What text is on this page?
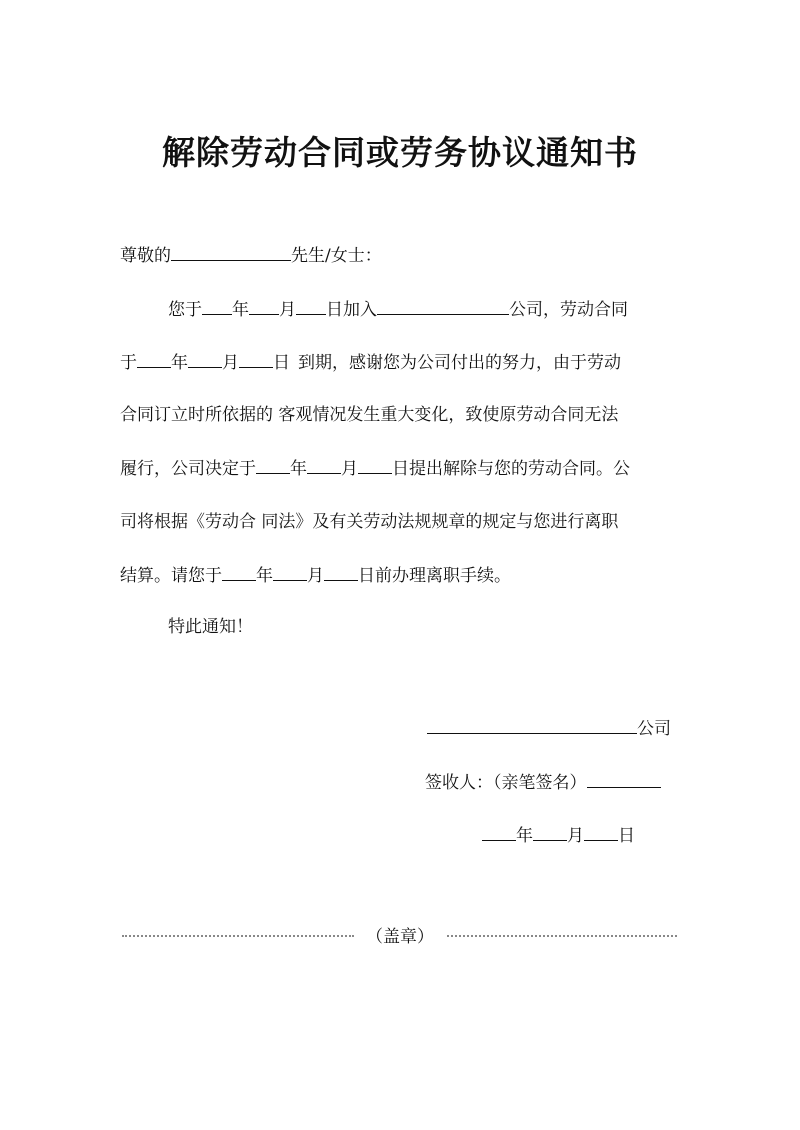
解除劳动合同或劳务协议通知书
尊敬的	先生/女士：
您于 年 月 日加入	公司，劳动合同
于 年 月 日 到期，感谢您为公司付出的努力，由于劳动
合同订立时所依据的 客观情况发生重大变化，致使原劳动合同无法
履行，公司决定于 年 月 日提出解除与您的劳动合同。公
司将根据《劳动合 同法》及有关劳动法规规章的规定与您进行离职
结算。请您于 年 月 日前办理离职手续。
特此通知！
公司
签收人：（亲笔签名）
年 月 日
（盖章）
